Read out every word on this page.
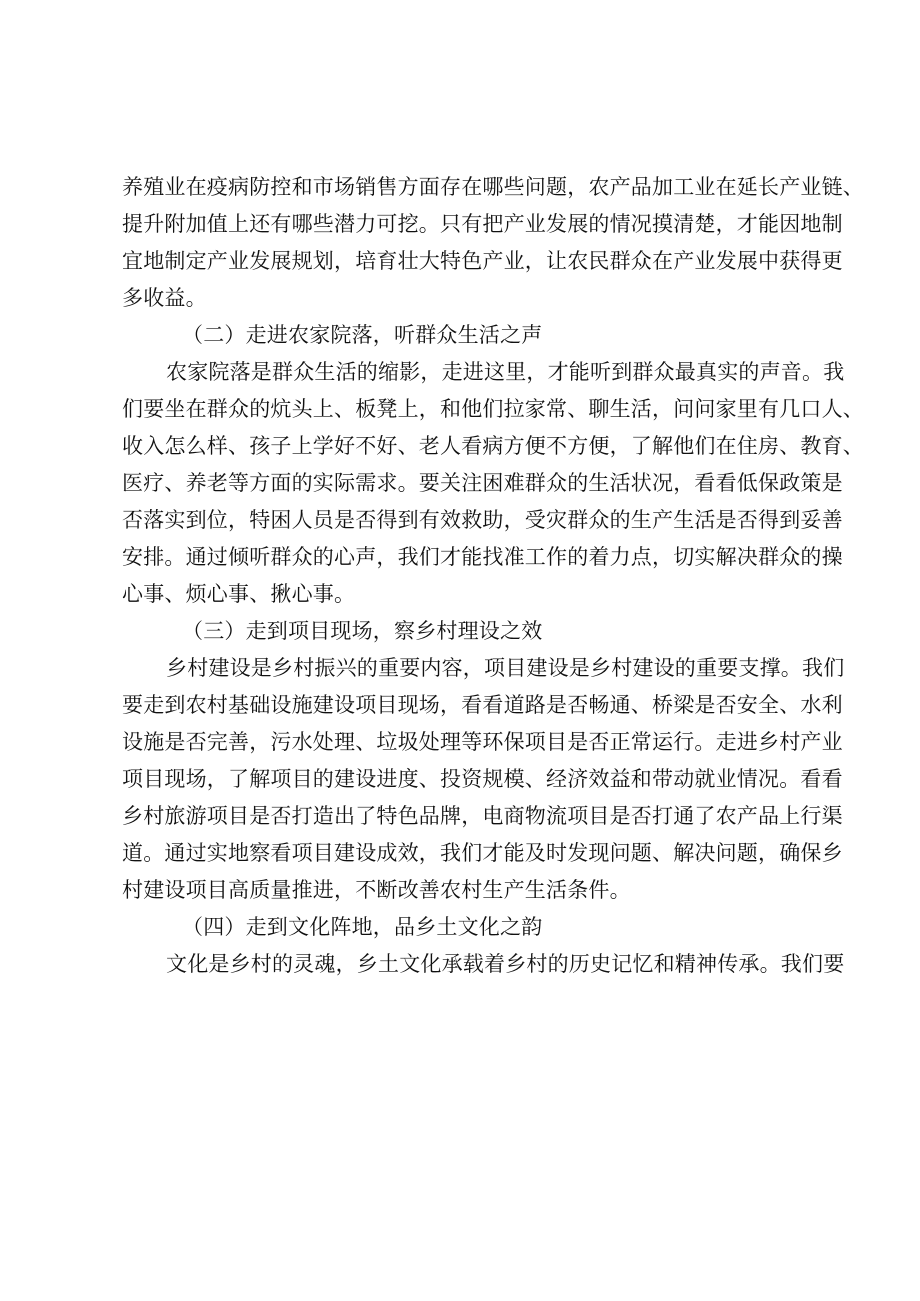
养殖业在疫病防控和市场销售方面存在哪些问题，农产品加工业在延长产业链、
提升附加值上还有哪些潜力可挖。只有把产业发展的情况摸清楚，才能因地制
宜地制定产业发展规划，培育壮大特色产业，让农民群众在产业发展中获得更
多收益。
（二）走进农家院落，听群众生活之声
农家院落是群众生活的缩影，走进这里，才能听到群众最真实的声音。我
们要坐在群众的炕头上、板凳上，和他们拉家常、聊生活，问问家里有几口人、
收入怎么样、孩子上学好不好、老人看病方便不方便，了解他们在住房、教育、
医疗、养老等方面的实际需求。要关注困难群众的生活状况，看看低保政策是
否落实到位，特困人员是否得到有效救助，受灾群众的生产生活是否得到妥善
安排。通过倾听群众的心声，我们才能找准工作的着力点，切实解决群众的操
心事、烦心事、揪心事。
（三）走到项目现场，察乡村理设之效
乡村建设是乡村振兴的重要内容，项目建设是乡村建设的重要支撑。我们
要走到农村基础设施建设项目现场，看看道路是否畅通、桥梁是否安全、水利
设施是否完善，污水处理、垃圾处理等环保项目是否正常运行。走进乡村产业
项目现场，了解项目的建设进度、投资规模、经济效益和带动就业情况。看看
乡村旅游项目是否打造出了特色品牌，电商物流项目是否打通了农产品上行渠
道。通过实地察看项目建设成效，我们才能及时发现问题、解决问题，确保乡
村建设项目高质量推进，不断改善农村生产生活条件。
（四）走到文化阵地，品乡土文化之韵
文化是乡村的灵魂，乡土文化承载着乡村的历史记忆和精神传承。我们要
